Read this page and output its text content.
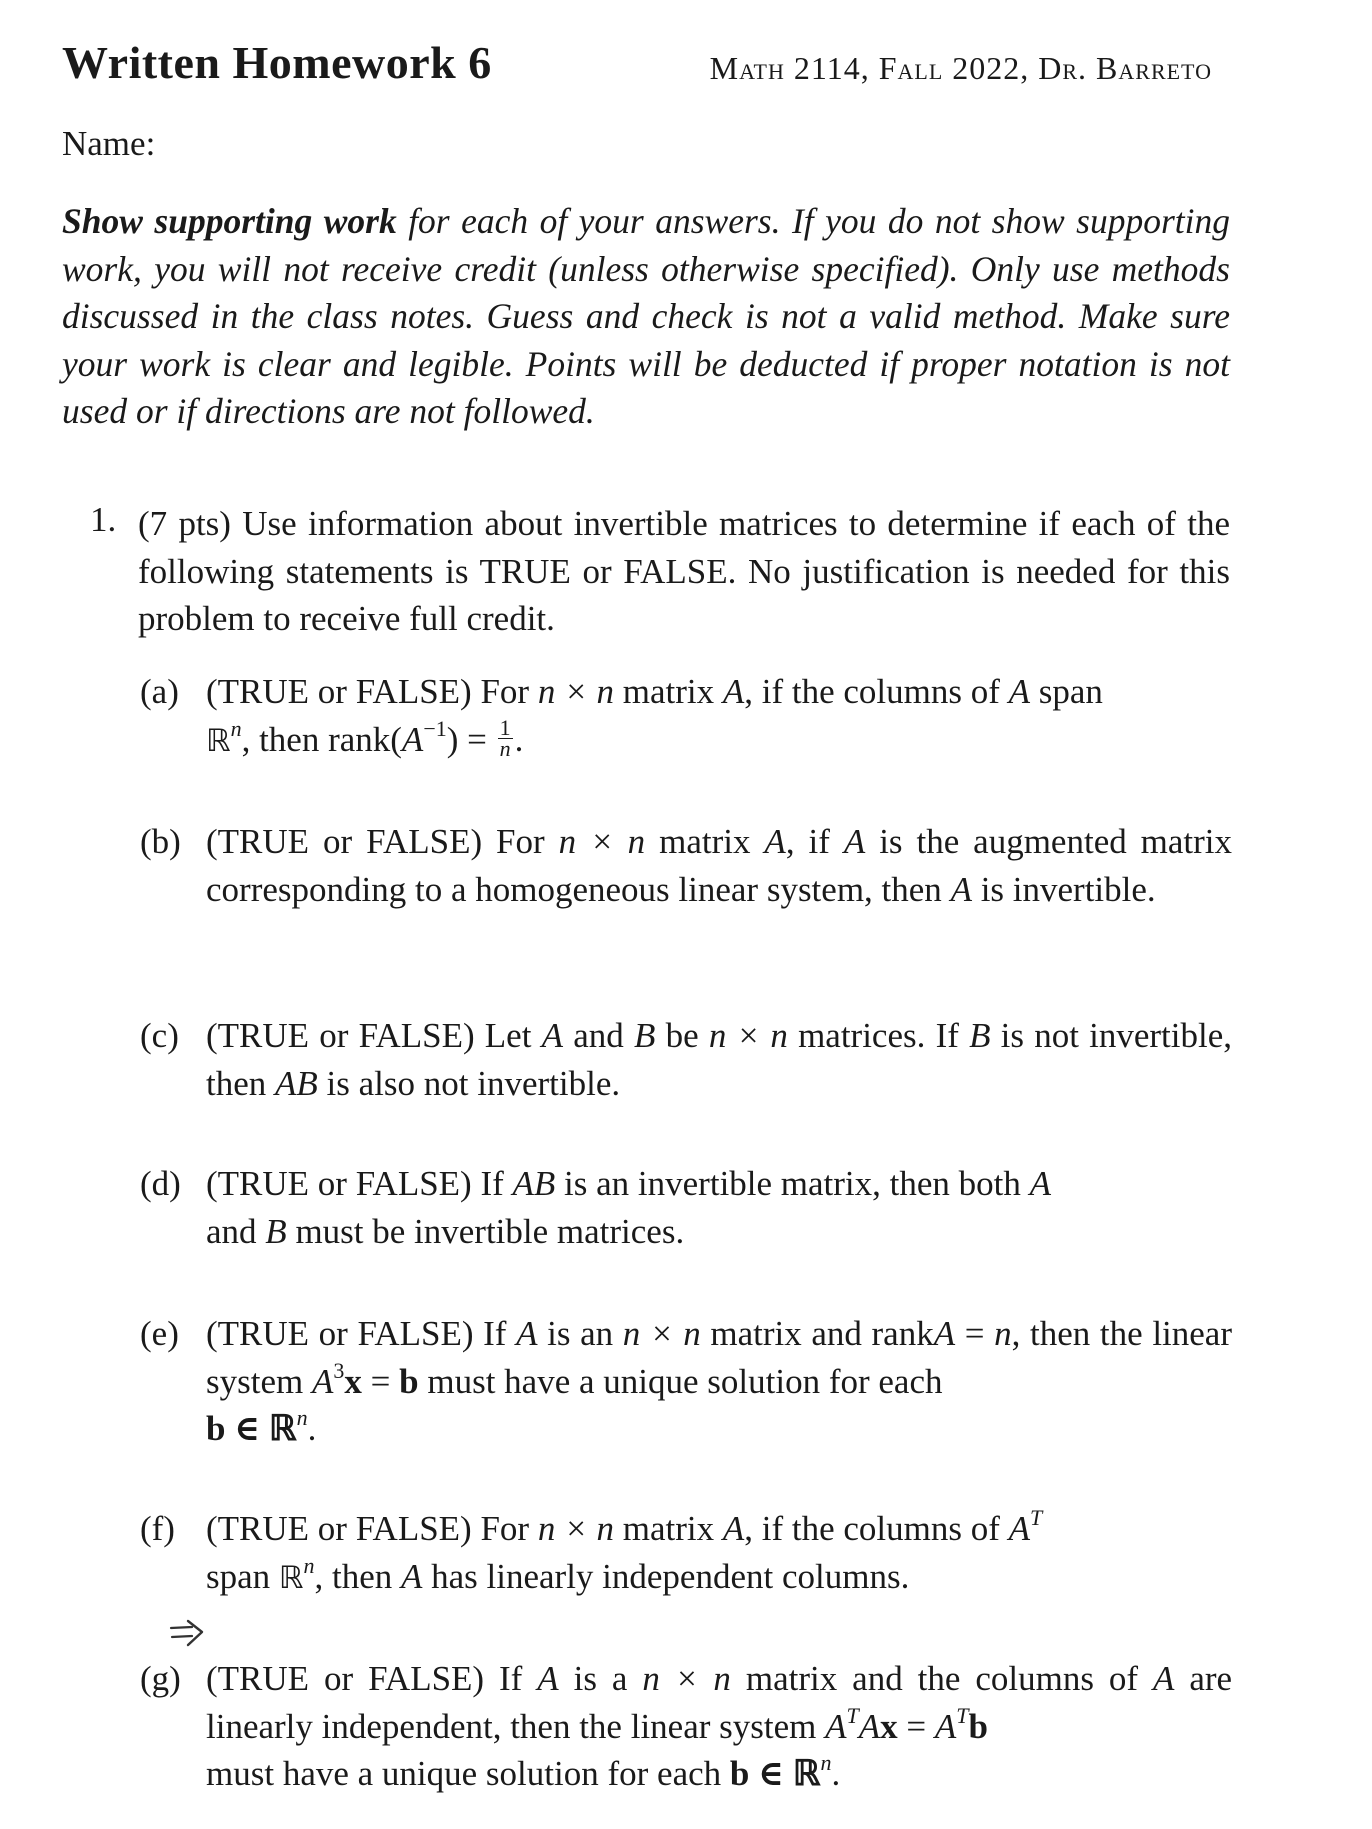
Written Homework 6	Math 2114, Fall 2022, Dr. Barreto
Name:
Show supporting work for each of your answers. If you do not show supporting work, you will not receive credit (unless otherwise specified). Only use methods discussed in the class notes. Guess and check is not a valid method. Make sure your work is clear and legible. Points will be deducted if proper notation is not used or if directions are not followed.
1. (7 pts) Use information about invertible matrices to determine if each of the following statements is TRUE or FALSE. No justification is needed for this problem to receive full credit.
(a) (TRUE or FALSE) For n × n matrix A, if the columns of A span
ℝ$^n$, then $rank(A^{-1}) = \frac{1}{n}$ .
(b) (TRUE or FALSE) For n × n matrix A, if A is the augmented matrix corresponding to a homogeneous linear system, then A is invertible.
(c) (TRUE or FALSE) Let A and B be n × n matrices. If B is not invertible, then AB is also not invertible.
(d) (TRUE or FALSE) If AB is an invertible matrix, then both A
and B must be invertible matrices.
(e) (TRUE or FALSE) If A is an n × n matrix and rankA = n, then the linear system $A^3x = b$ must have a unique solution for each
b ∈ ℝ$^n$.
(f) (TRUE or FALSE) For n × n matrix A, if the columns of $A^T$
span ℝ$^n$, then A has linearly independent columns.
(g) (TRUE or FALSE) If A is a n × n matrix and the columns of A are linearly independent, then the linear system $A^TAx = A^Tb$
must have a unique solution for each b ∈ ℝ$^n$.
